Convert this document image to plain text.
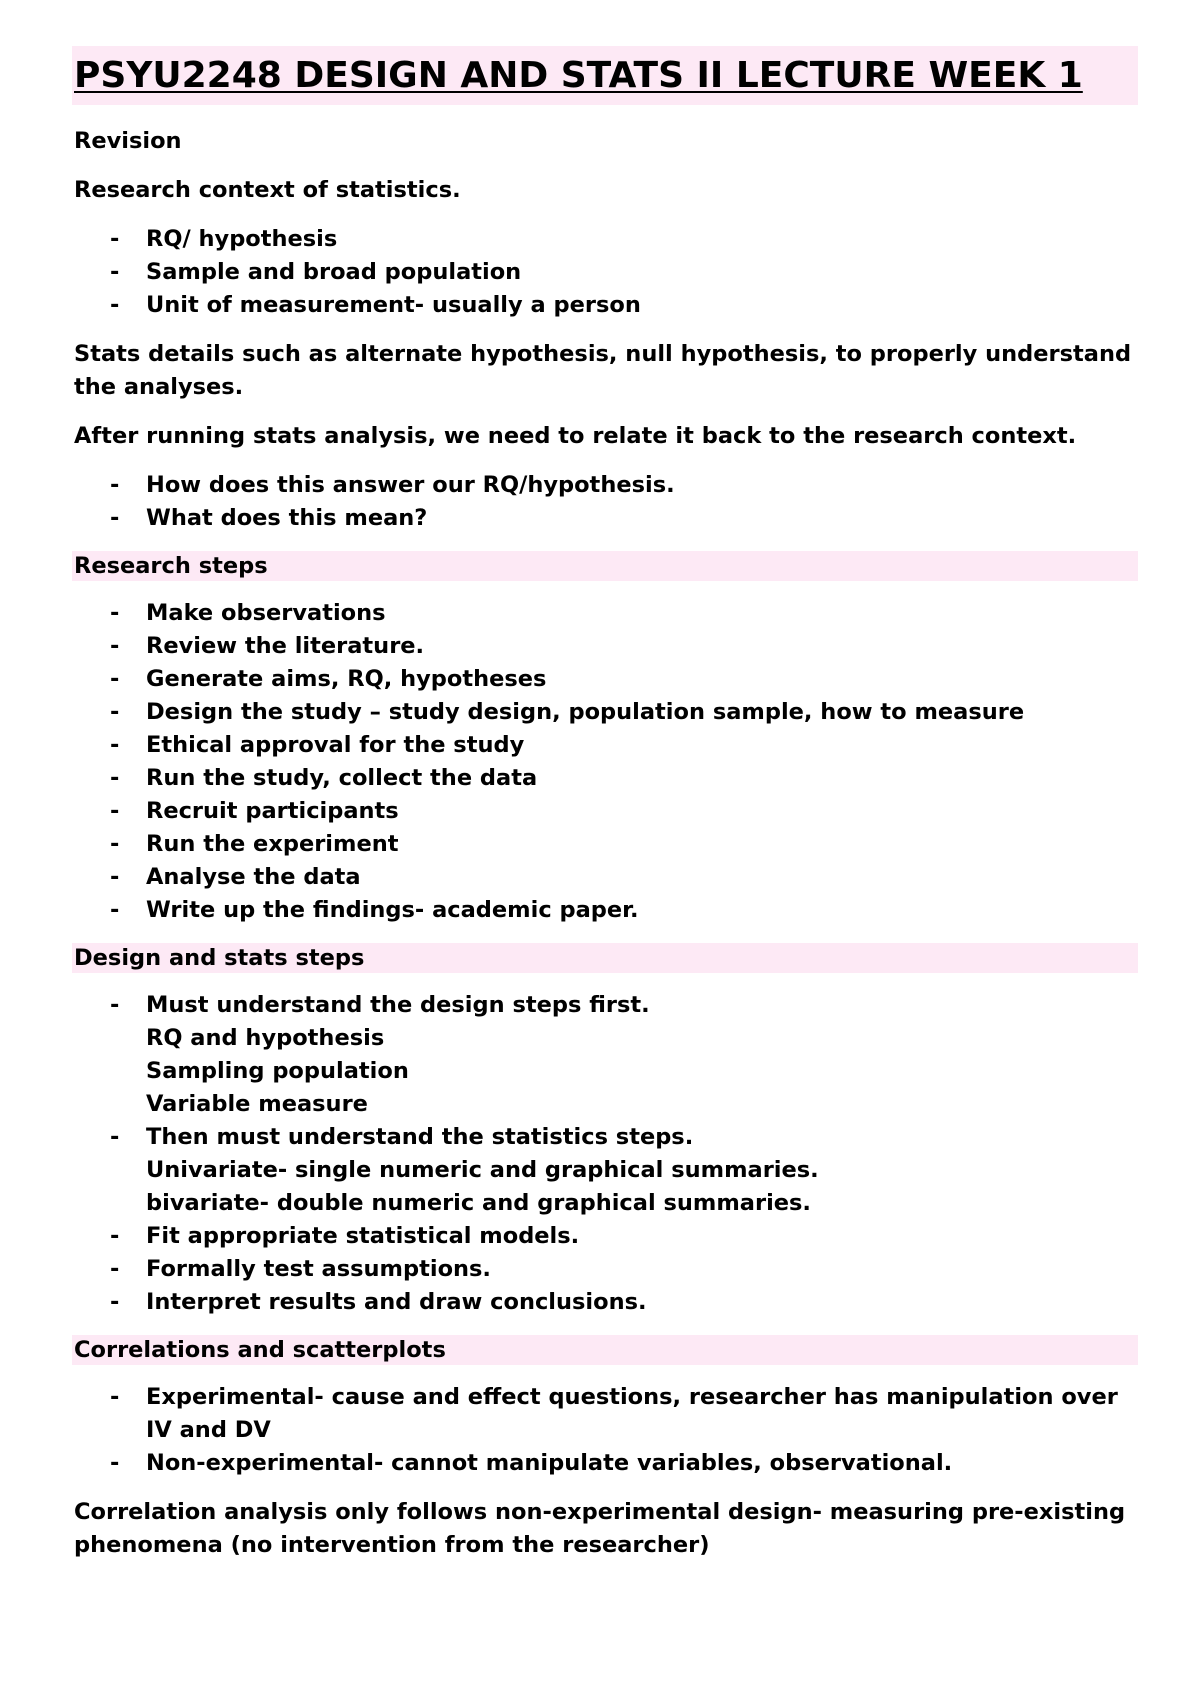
PSYU2248 DESIGN AND STATS II LECTURE WEEK 1

Revision

Research context of statistics.

- RQ/ hypothesis
- Sample and broad population
- Unit of measurement- usually a person

Stats details such as alternate hypothesis, null hypothesis, to properly understand the analyses.

After running stats analysis, we need to relate it back to the research context.

- How does this answer our RQ/hypothesis.
- What does this mean?
Research steps
- Make observations
- Review the literature.
- Generate aims, RQ, hypotheses
- Design the study – study design, population sample, how to measure
- Ethical approval for the study
- Run the study, collect the data
- Recruit participants
- Run the experiment
- Analyse the data
- Write up the findings- academic paper.
Design and stats steps
- Must understand the design steps first.
RQ and hypothesis
Sampling population
Variable measure
- Then must understand the statistics steps.
Univariate- single numeric and graphical summaries.
bivariate- double numeric and graphical summaries.
- Fit appropriate statistical models.
- Formally test assumptions.
- Interpret results and draw conclusions.
Correlations and scatterplots
- Experimental- cause and effect questions, researcher has manipulation over IV and DV
- Non-experimental- cannot manipulate variables, observational.

Correlation analysis only follows non-experimental design- measuring pre-existing phenomena (no intervention from the researcher)
